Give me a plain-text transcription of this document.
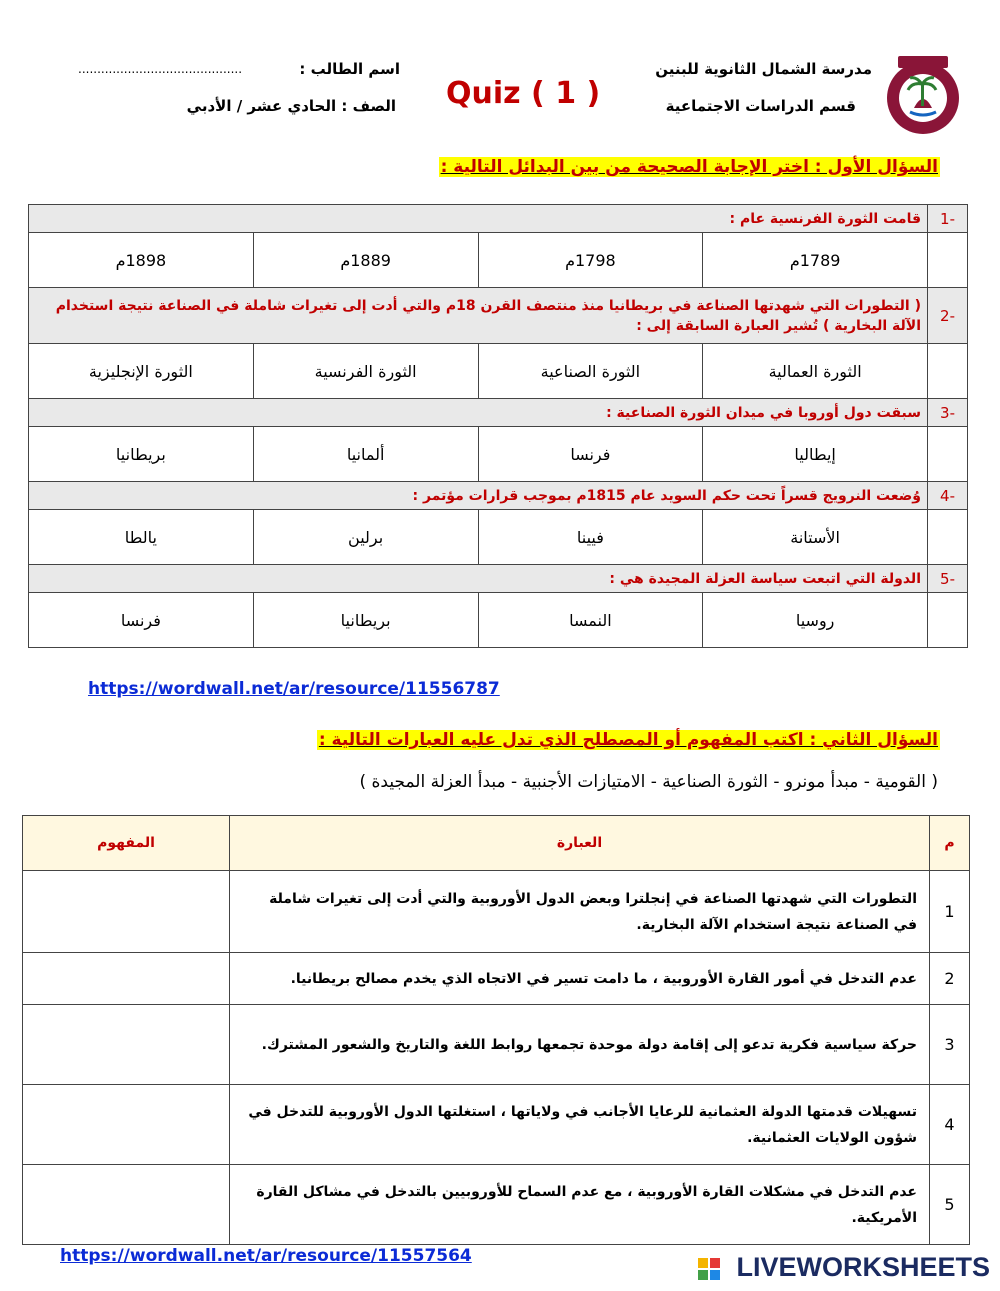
مدرسة الشمال الثانوية للبنين
قسم الدراسات الاجتماعية
اسم الطالب :
...........................................
الصف : الحادي عشر / الأدبي Quiz ( 1 )
السؤال الأول : اختر الإجابة الصحيحة من بين البدائل التالية :
-1	قامت الثورة الفرنسية عام :			
	1789م	1798م	1889م	1898م
-2	( التطورات التي شهدتها الصناعة في بريطانيا منذ منتصف القرن 18م والتي أدت إلى تغيرات شاملة في الصناعة نتيجة استخدام الآلة البخارية ) تُشير العبارة السابقة إلى :			
	الثورة العمالية	الثورة الصناعية	الثورة الفرنسية	الثورة الإنجليزية
-3	سبقت دول أوروبا في ميدان الثورة الصناعية :			
	إيطاليا	فرنسا	ألمانيا	بريطانيا
-4	وُضعت النرويج قسراً تحت حكم السويد عام 1815م بموجب قرارات مؤتمر :			
	الأستانة	فيينا	برلين	يالطا
-5	الدولة التي اتبعت سياسة العزلة المجيدة هي :			
	روسيا	النمسا	بريطانيا	فرنسا
https://wordwall.net/ar/resource/11556787
السؤال الثاني : اكتب المفهوم أو المصطلح الذي تدل عليه العبارات التالية :
( القومية - مبدأ مونرو - الثورة الصناعية - الامتيازات الأجنبية - مبدأ العزلة المجيدة )
م	العبارة	المفهوم
1	التطورات التي شهدتها الصناعة في إنجلترا وبعض الدول الأوروبية والتي أدت إلى تغيرات شاملة في الصناعة نتيجة استخدام الآلة البخارية.	
2	عدم التدخل في أمور القارة الأوروبية ، ما دامت تسير في الاتجاه الذي يخدم مصالح بريطانيا.	
3	حركة سياسية فكرية تدعو إلى إقامة دولة موحدة تجمعها روابط اللغة والتاريخ والشعور المشترك.	
4	تسهيلات قدمتها الدولة العثمانية للرعايا الأجانب في ولاياتها ، استغلتها الدول الأوروبية للتدخل في شؤون الولايات العثمانية.	
5	عدم التدخل في مشكلات القارة الأوروبية ، مع عدم السماح للأوروبيين بالتدخل في مشاكل القارة الأمريكية.	
https://wordwall.net/ar/resource/11557564	LIVEWORKSHEETS
